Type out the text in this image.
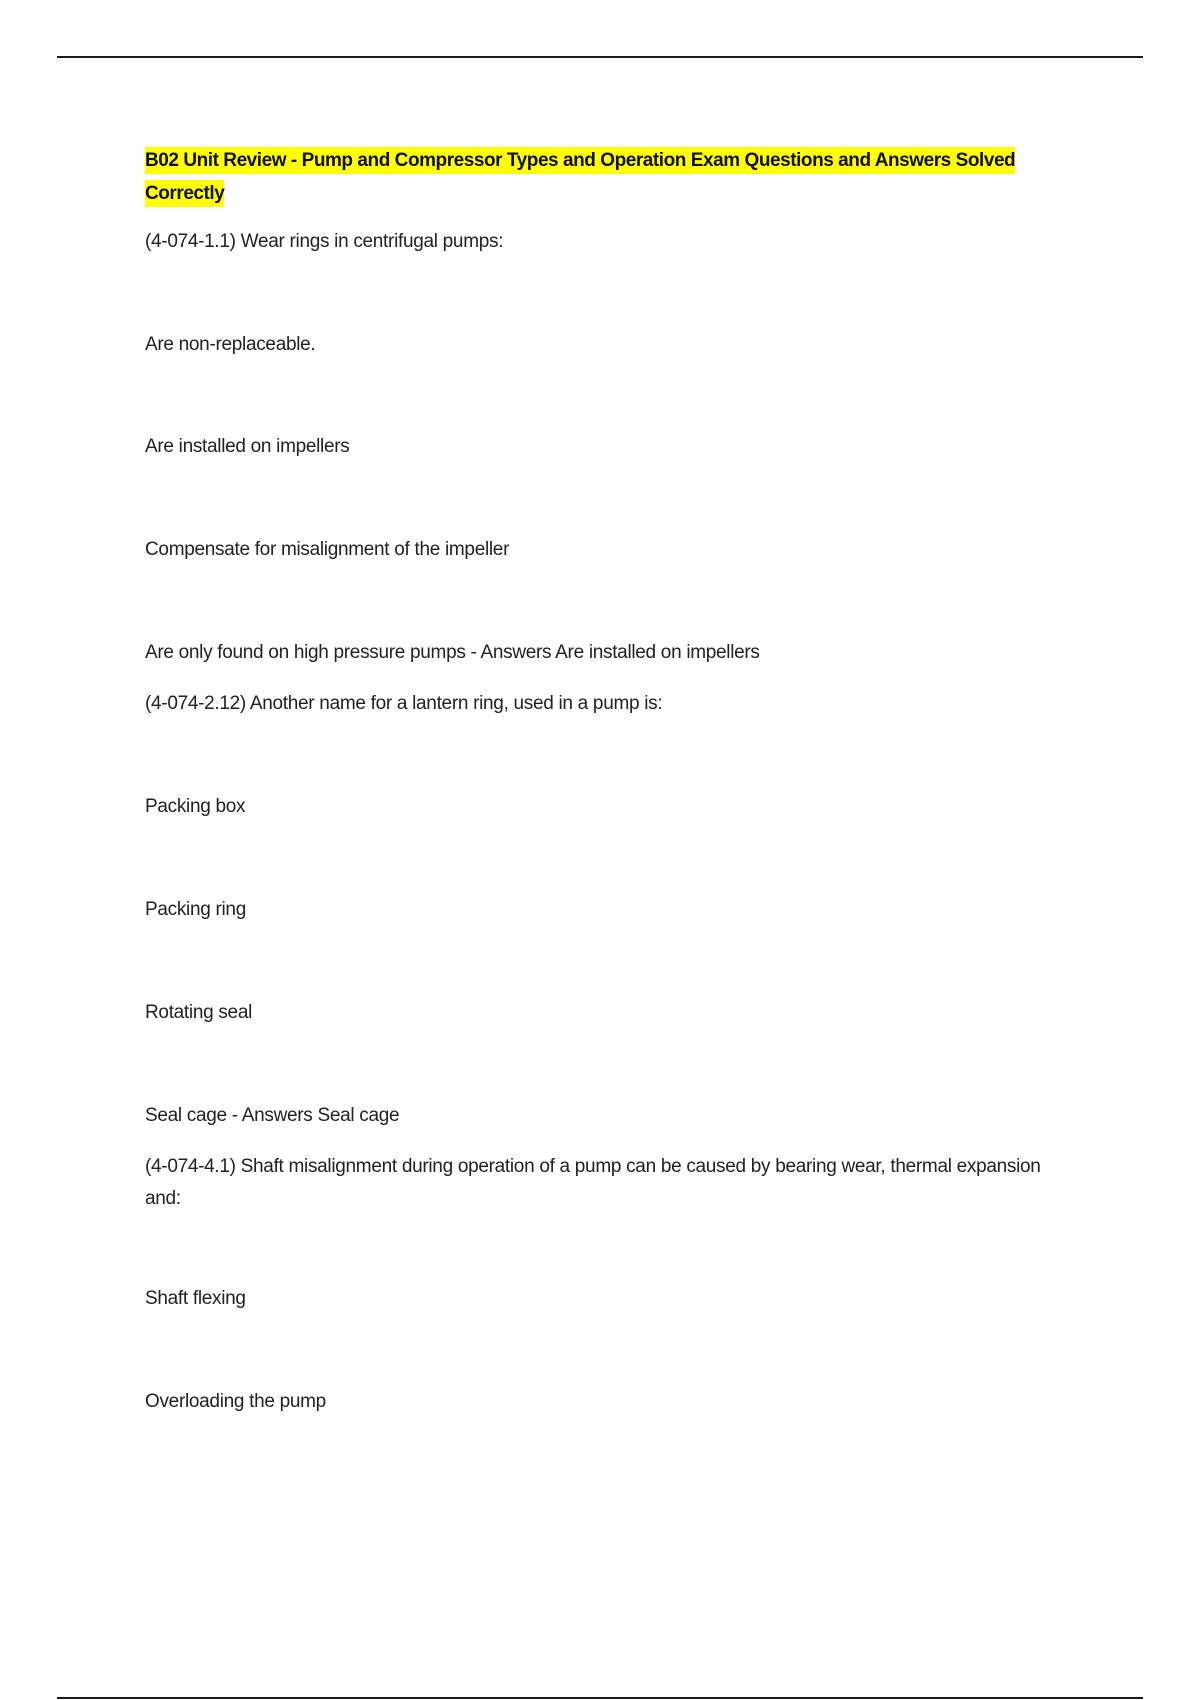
B02 Unit Review - Pump and Compressor Types and Operation Exam Questions and Answers Solved Correctly
(4-074-1.1) Wear rings in centrifugal pumps:
Are non-replaceable.
Are installed on impellers
Compensate for misalignment of the impeller
Are only found on high pressure pumps - Answers Are installed on impellers
(4-074-2.12) Another name for a lantern ring, used in a pump is:
Packing box
Packing ring
Rotating seal
Seal cage - Answers Seal cage
(4-074-4.1) Shaft misalignment during operation of a pump can be caused by bearing wear, thermal expansion and:
Shaft flexing
Overloading the pump
